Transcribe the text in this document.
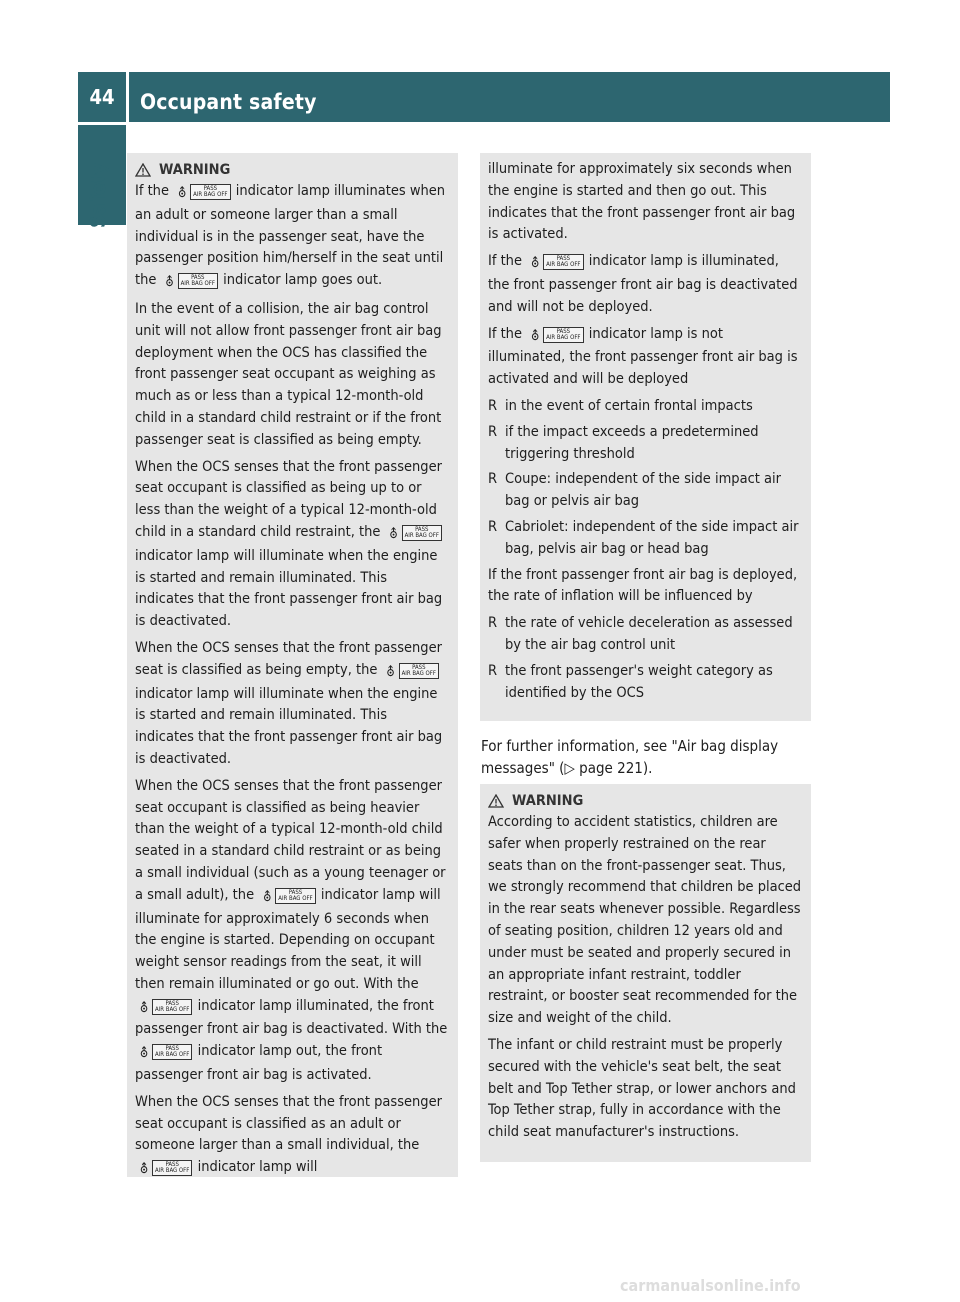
44	Occupant safety
Safety	WARNING

If the ⛢	PASS
AIR BAG OFF indicator lamp illuminates when an adult or someone larger than a small individual is in the passenger seat, have the passenger position him/herself in the seat until the ⛢	PASS
AIR BAG OFF indicator lamp goes out.

In the event of a collision, the air bag control unit will not allow front passenger front air bag deployment when the OCS has classified the front passenger seat occupant as weighing as much as or less than a typical 12-month-old child in a standard child restraint or if the front passenger seat is classified as being empty.

When the OCS senses that the front passenger seat occupant is classified as being up to or less than the weight of a typical 12-month-old child in a standard child restraint, the ⛢	PASS
AIR BAG OFF indicator lamp will illuminate when the engine is started and remain illuminated. This indicates that the front passenger front air bag is deactivated.

When the OCS senses that the front passenger seat is classified as being empty, the ⛢	PASS
AIR BAG OFF indicator lamp will illuminate when the engine is started and remain illuminated. This indicates that the front passenger front air bag is deactivated.

When the OCS senses that the front passenger seat occupant is classified as being heavier than the weight of a typical 12-month-old child seated in a standard child restraint or as being a small individual (such as a young teenager or a small adult), the ⛢	PASS
AIR BAG OFF indicator lamp will illuminate for approximately 6 seconds when the engine is started. Depending on occupant weight sensor readings from the seat, it will then remain illuminated or go out. With the ⛢	PASS
AIR BAG OFF indicator lamp illuminated, the front passenger front air bag is deactivated. With the ⛢	PASS
AIR BAG OFF indicator lamp out, the front passenger front air bag is activated.

When the OCS senses that the front passenger seat occupant is classified as an adult or someone larger than a small individual, the ⛢	PASS
AIR BAG OFF indicator lamp will

illuminate for approximately six seconds when the engine is started and then go out. This indicates that the front passenger front air bag is activated.

If the ⛢	PASS
AIR BAG OFF indicator lamp is illuminated, the front passenger front air bag is deactivated and will not be deployed.

If the ⛢	PASS
AIR BAG OFF indicator lamp is not illuminated, the front passenger front air bag is activated and will be deployed

R in the event of certain frontal impacts
R if the impact exceeds a predetermined triggering threshold
R Coupe: independent of the side impact air bag or pelvis air bag
R Cabriolet: independent of the side impact air bag, pelvis air bag or head bag

If the front passenger front air bag is deployed, the rate of inflation will be influenced by

R the rate of vehicle deceleration as assessed by the air bag control unit
R the front passenger's weight category as identified by the OCS
For further information, see "Air bag display messages" (▷ page 221).
WARNING

According to accident statistics, children are safer when properly restrained on the rear seats than on the front-passenger seat. Thus, we strongly recommend that children be placed in the rear seats whenever possible. Regardless of seating position, children 12 years old and under must be seated and properly secured in an appropriate infant restraint, toddler restraint, or booster seat recommended for the size and weight of the child.

The infant or child restraint must be properly secured with the vehicle's seat belt, the seat belt and Top Tether strap, or lower anchors and Top Tether strap, fully in accordance with the child seat manufacturer's instructions.

carmanualsonline.info
